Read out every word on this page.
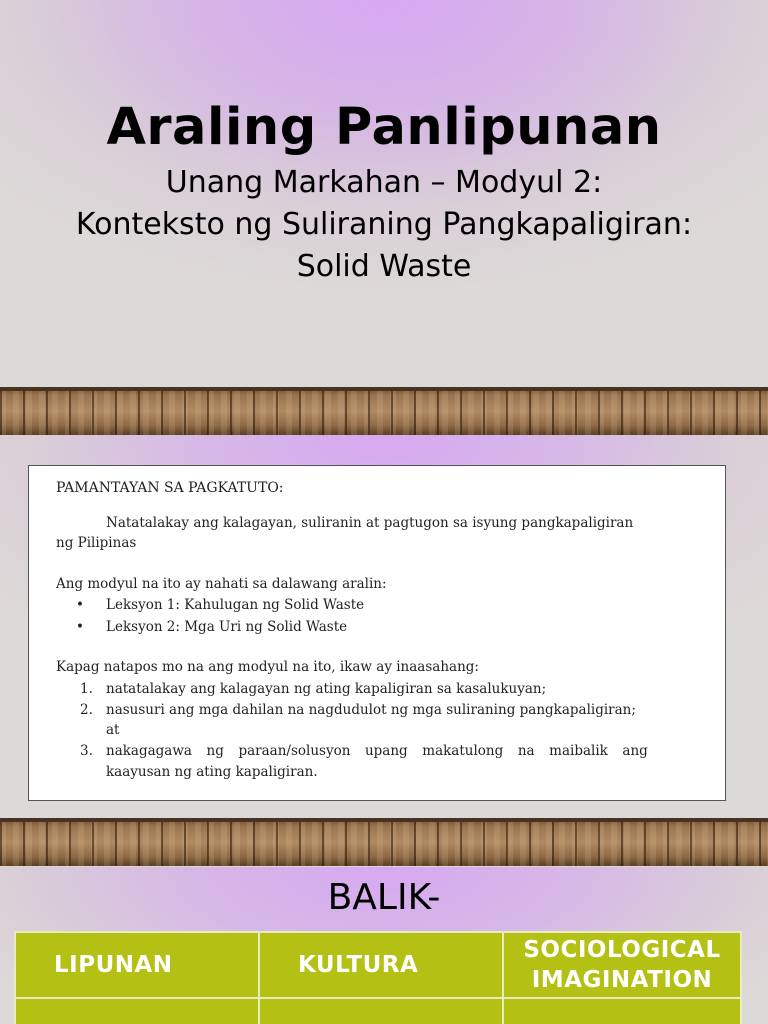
Araling Panlipunan
Unang Markahan – Modyul 2:
Konteksto ng Suliraning Pangkapaligiran:
Solid Waste
PAMANTAYAN SA PAGKATUTO:
Natatalakay ang kalagayan, suliranin at pagtugon sa isyung pangkapaligiran
ng Pilipinas
Ang modyul na ito ay nahati sa dalawang aralin:
• Leksyon 1: Kahulugan ng Solid Waste
• Leksyon 2: Mga Uri ng Solid Waste
Kapag natapos mo na ang modyul na ito, ikaw ay inaasahang:
1. natatalakay ang kalagayan ng ating kapaligiran sa kasalukuyan;
2. nasusuri ang mga dahilan na nagdudulot ng mga suliraning pangkapaligiran;
at
3. nakagagawa  ng  paraan/solusyon  upang  makatulong  na  maibalik  ang
kaayusan ng ating kapaligiran.
BALIK-
LIPUNAN	KULTURA	SOCIOLOGICAL
IMAGINATION
